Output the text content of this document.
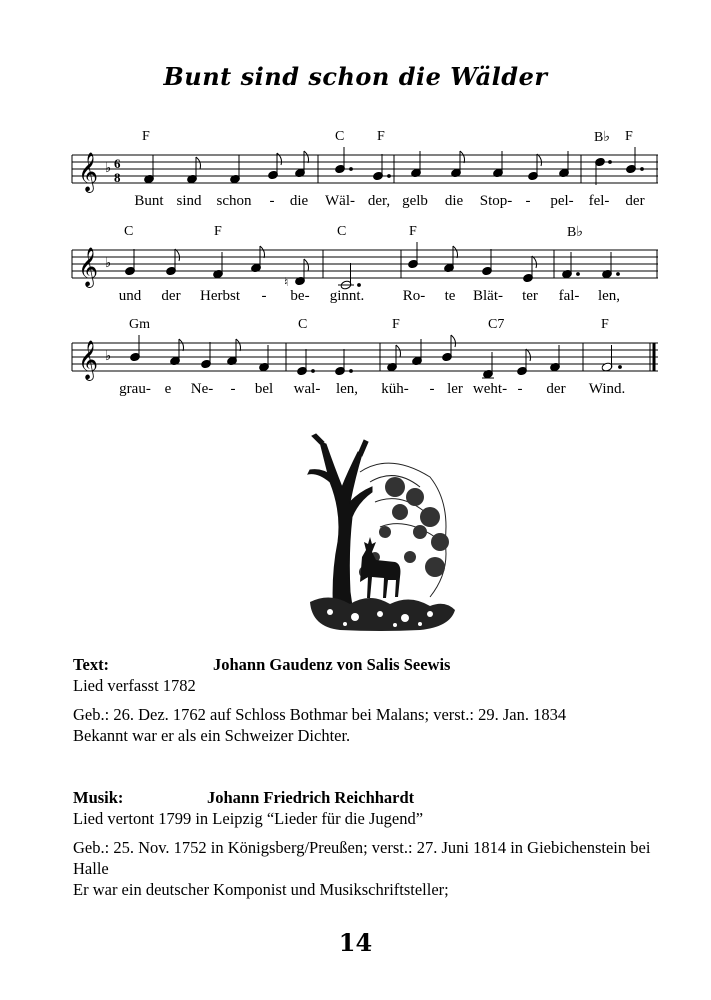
Bunt sind schon die Wälder
F	C F	B♭ F
𝄞 ♭ 6
8
Bunt sind schon - die Wäl- der, gelb die Stop- - pel- fel- der
C	F	C	F	B♭
𝄞 ♭
♮
und der Herbst - be- ginnt.	Ro- te Blät- ter fal- len,
Gm	C	F	C7	F
𝄞 ♭
grau- e Ne- - bel wal- len, küh- - ler weht- - der Wind.
Text:	Johann Gaudenz von Salis Seewis
Lied verfasst 1782
Geb.: 26. Dez. 1762 auf Schloss Bothmar bei Malans; verst.: 29. Jan. 1834
Bekannt war er als ein Schweizer Dichter.
Musik:	Johann Friedrich Reichhardt
Lied vertont 1799 in Leipzig “Lieder für die Jugend”
Geb.: 25. Nov. 1752 in Königsberg/Preußen; verst.: 27. Juni 1814 in Giebichenstein bei Halle
Er war ein deutscher Komponist und Musikschriftsteller;
14
